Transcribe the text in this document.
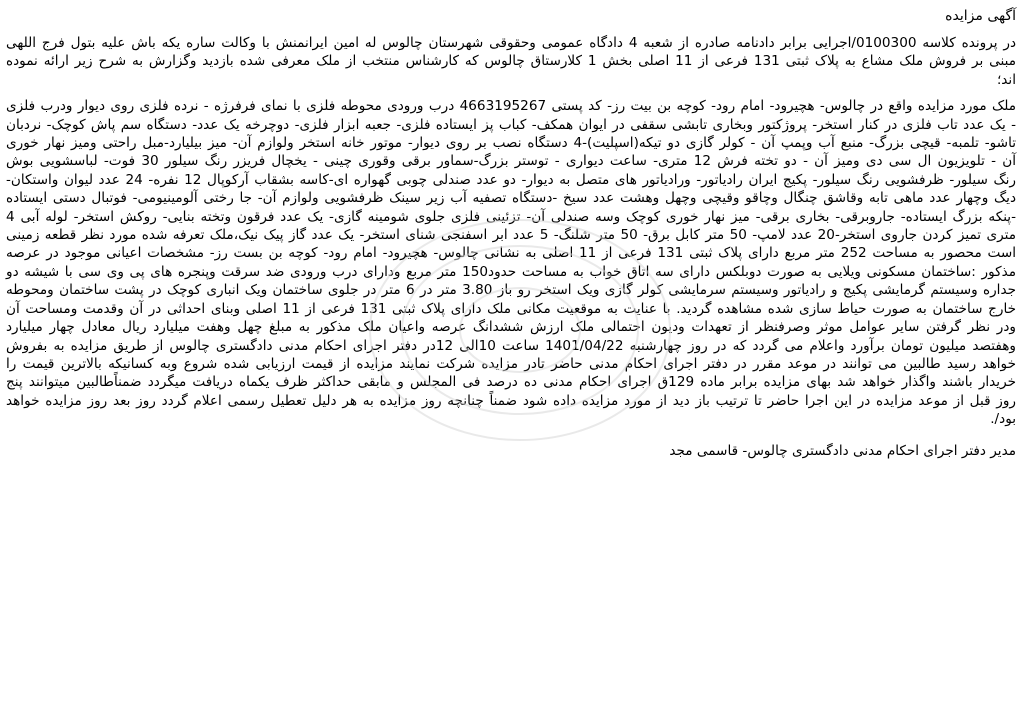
آگهی مزایده

در پرونده کلاسه 0100300/اجرایی برابر دادنامه صادره از شعبه 4 دادگاه عمومی وحقوقی شهرستان چالوس له امین ایرانمنش با وکالت ساره یکه باش علیه بتول فرج اللهی مبنی بر فروش ملک مشاع به پلاک ثبتی 131 فرعی از 11 اصلی بخش 1 کلارستاق چالوس که کارشناس منتخب از ملک معرفی شده بازدید وگزارش به شرح زیر ارائه نموده اند؛

ملک مورد مزایده واقع در چالوس- هچیرود- امام رود- کوچه بن بیت رز- کد پستی 4663195267 درب ورودی محوطه فلزی با نمای فرفرژه - نرده فلزی روی دیوار ودرب فلزی - یک عدد تاب فلزی در کنار استخر- پروژکتور وبخاری تابشی سقفی در ایوان همکف- کباب پز ایستاده فلزی- جعبه ابزار فلزی- دوچرخه یک عدد- دستگاه سم پاش کوچک- نردبان تاشو- تلمبه- قیچی بزرگ- منبع آب وپمپ آن - کولر گازی دو تیکه(اسپلیت)-4 دستگاه نصب بر روی دیوار- موتور خانه استخر ولوازم آن- میز بیلیارد-مبل راحتی ومیز نهار خوری آن - تلویزیون ال سی دی ومیز آن - دو تخته فرش 12 متری- ساعت دیواری - توستر بزرگ-سماور برقی وقوری چینی - یخچال فریزر رنگ سیلور 30 فوت- لباسشویی بوش رنگ سیلور- ظرفشویی رنگ سیلور- پکیج ایران رادیاتور- ورادیاتور های متصل به دیوار- دو عدد صندلی چوبی گهواره ای-کاسه بشقاب آرکوپال 12 نفره- 24 عدد لیوان واستکان- دیگ وچهار عدد ماهی تابه وقاشق چنگال وچاقو وقیچی وچهل وهشت عدد سیخ -دستگاه تصفیه آب زیر سینک ظرفشویی ولوازم آن- جا رختی آلومینیومی- فوتبال دستی ایستاده -پنکه بزرگ ایستاده- جاروبرقی- بخاری برقی- میز نهار خوری کوچک وسه صندلی آن- تزئینی فلزی جلوی شومینه گازی- یک عدد فرقون وتخته بنایی- روکش استخر- لوله آبی 4 متری تمیز کردن جاروی استخر-20 عدد لامپ- 50 متر کابل برق- 50 متر شلنگ- 5 عدد ابر اسفنجی شنای استخر- یک عدد گاز پیک نیک،ملک تعرفه شده مورد نظر قطعه زمینی است محصور به مساحت 252 متر مربع دارای پلاک ثبتی 131 فرعی از 11 اصلی به نشانی چالوس- هچیرود- امام رود- کوچه بن بست رز- مشخصات اعیانی موجود در عرصه مذکور :ساختمان مسکونی ویلایی به صورت دوبلکس دارای سه اتاق خواب به مساحت حدود150 متر مربع ودارای درب ورودی ضد سرقت وپنجره های پی وی سی با شیشه دو جداره وسیستم گرمایشی پکیج و رادیاتور وسیستم سرمایشی کولر گازی ویک استخر رو باز 3.80 متر در 6 متر در جلوی ساختمان ویک انباری کوچک در پشت ساختمان ومحوطه خارج ساختمان به صورت حیاط سازی شده مشاهده گردید. با عنایت به موقعیت مکانی ملک دارای پلاک ثبتی 131 فرعی از 11 اصلی وبنای احداثی در آن وقدمت ومساحت آن ودر نظر گرفتن سایر عوامل موثر وصرفنظر از تعهدات ودیون احتمالی ملک ارزش ششدانگ عرصه واعیان ملک مذکور به مبلغ چهل وهفت میلیارد ریال معادل چهار میلیارد وهفتصد میلیون تومان برآورد واعلام می گردد که در روز چهارشنبه 1401/04/22 ساعت 10الی 12در دفتر اجرای احکام مدنی دادگستری چالوس از طریق مزایده به بفروش خواهد رسید طالبین می توانند در موعد مقرر در دفتر اجرای احکام مدنی حاضر تادر مزایده شرکت نمایند مزایده از قیمت ارزیابی شده شروع وبه کسانیکه بالاترین قیمت را خریدار باشند واگذار خواهد شد بهای مزایده برابر ماده 129ق اجرای احکام مدنی ده درصد فی المجلس و مابقی حداکثر ظرف یکماه دریافت میگردد ضمناًطالبین میتوانند پنج روز قبل از موعد مزایده در این اجرا حاضر تا ترتیب باز دید از مورد مزایده داده شود ضمناً چنانچه روز مزایده به هر دلیل تعطیل رسمی اعلام گردد روز بعد روز مزایده خواهد بود/.

مدیر دفتر اجرای احکام مدنی دادگستری چالوس- قاسمی مجد
